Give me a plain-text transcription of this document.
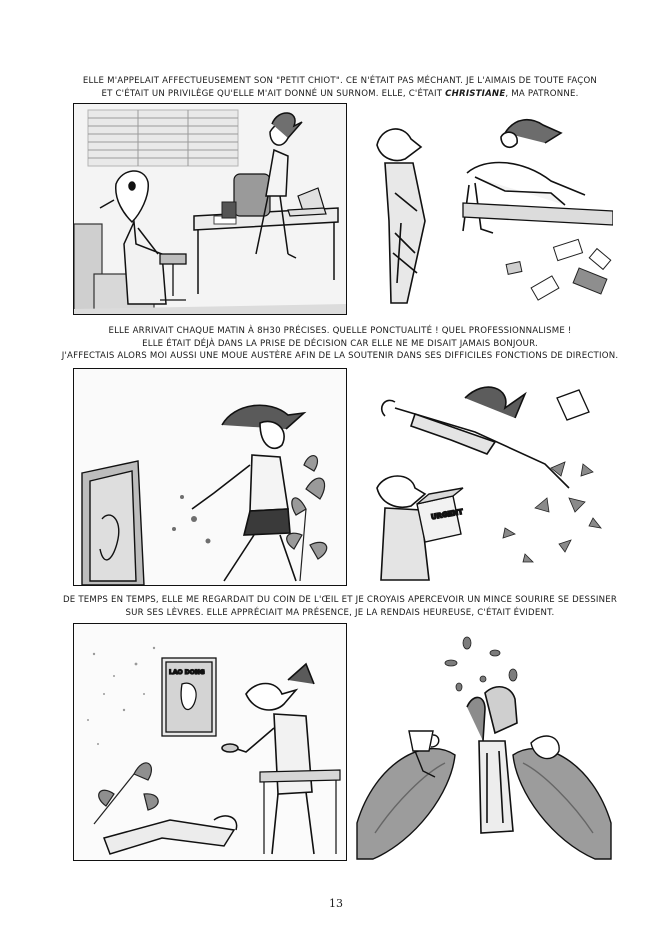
ELLE M'APPELAIT AFFECTUEUSEMENT SON "PETIT CHIOT". CE N'ÉTAIT PAS MÉCHANT. JE L'AIMAIS DE TOUTE FAÇON
ET C'ÉTAIT UN PRIVILÈGE QU'ELLE M'AIT DONNÉ UN SURNOM. ELLE, C'ÉTAIT CHRISTIANE, MA PATRONNE.
ELLE ARRIVAIT CHAQUE MATIN À 8H30 PRÉCISES. QUELLE PONCTUALITÉ ! QUEL PROFESSIONNALISME !
ELLE ÉTAIT DÉJÀ DANS LA PRISE DE DÉCISION CAR ELLE NE ME DISAIT JAMAIS BONJOUR.
J'AFFECTAIS ALORS MOI AUSSI UNE MOUE AUSTÈRE AFIN DE LA SOUTENIR DANS SES DIFFICILES FONCTIONS DE DIRECTION.
URGENT
DE TEMPS EN TEMPS, ELLE ME REGARDAIT DU COIN DE L'ŒIL ET JE CROYAIS APERCEVOIR UN MINCE SOURIRE SE DESSINER
SUR SES LÈVRES. ELLE APPRÉCIAIT MA PRÉSENCE, JE LA RENDAIS HEUREUSE, C'ÉTAIT ÉVIDENT.
LAO DONG
13
